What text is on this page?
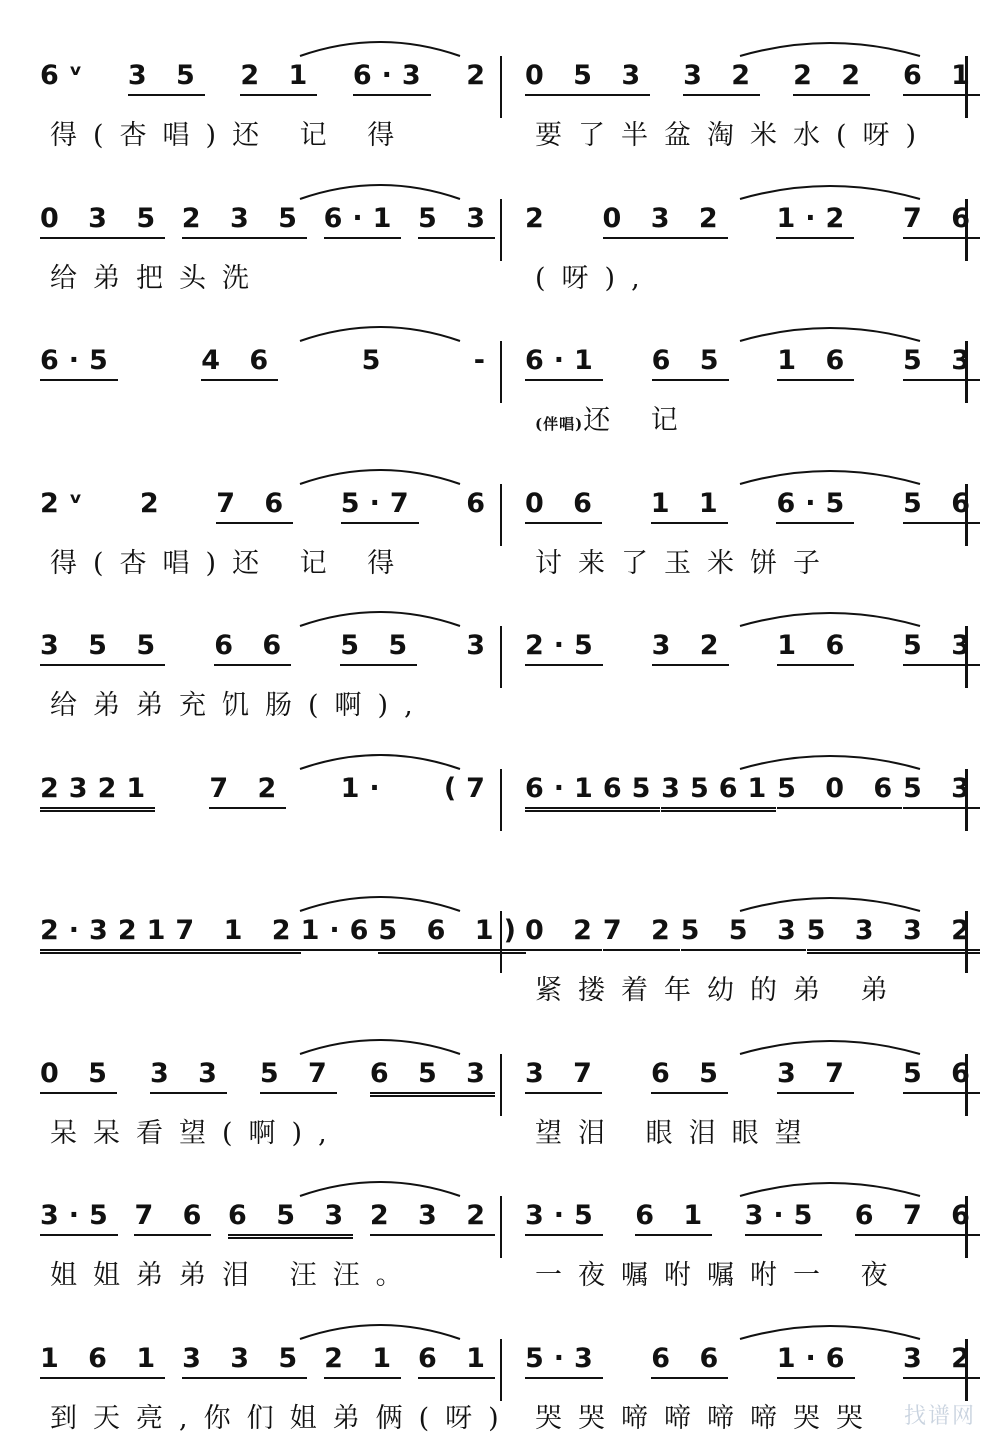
6ᵛ 3 5 2 1 6·3 2
得(杏唱)还 记 得
0 5 3 3 2 2 2 6 1
要了半盆淘米水(呀)
0 3 5 2 3 5 6·1 5 3
给弟把头洗
2 0 3 2 1·2 7 6
(呀),
6·5	4 6	5	- 6·1 6 5 1 6 5 3
(伴唱)还 记
2ᵛ 2 7 6 5·7 6
得(杏唱)还 记 得
0 6 1 1 6·5 5 6
讨来了玉米饼子
3 5 5 6 6 5 5 3
给弟弟充饥肠(啊),
2·5 3 2 1 6 5 3
2321 7 2 1· (7 6·165 3561 5 0 6 5 3
2·321 7 1 2 1·6 5 6 1) 0 2 7 2 5 5 3 5 3 3 2
紧搂着年幼的弟 弟
0 5 3 3 5 7 6 5 3
呆呆看望(啊),
3 7 6 5 3 7 5 6
望泪 眼泪眼望
3·5 7 6 6 5 3 2 3 2
姐姐弟弟泪 汪汪。
3·5 6 1 3·5 6 7 6
一夜嘱咐嘱咐一 夜
1 6 1 3 3 5 2 1 6 1
到天亮,你们姐弟俩(呀)
5·3 6 6 1·6 3 2
哭哭啼啼啼啼哭哭	找谱网
